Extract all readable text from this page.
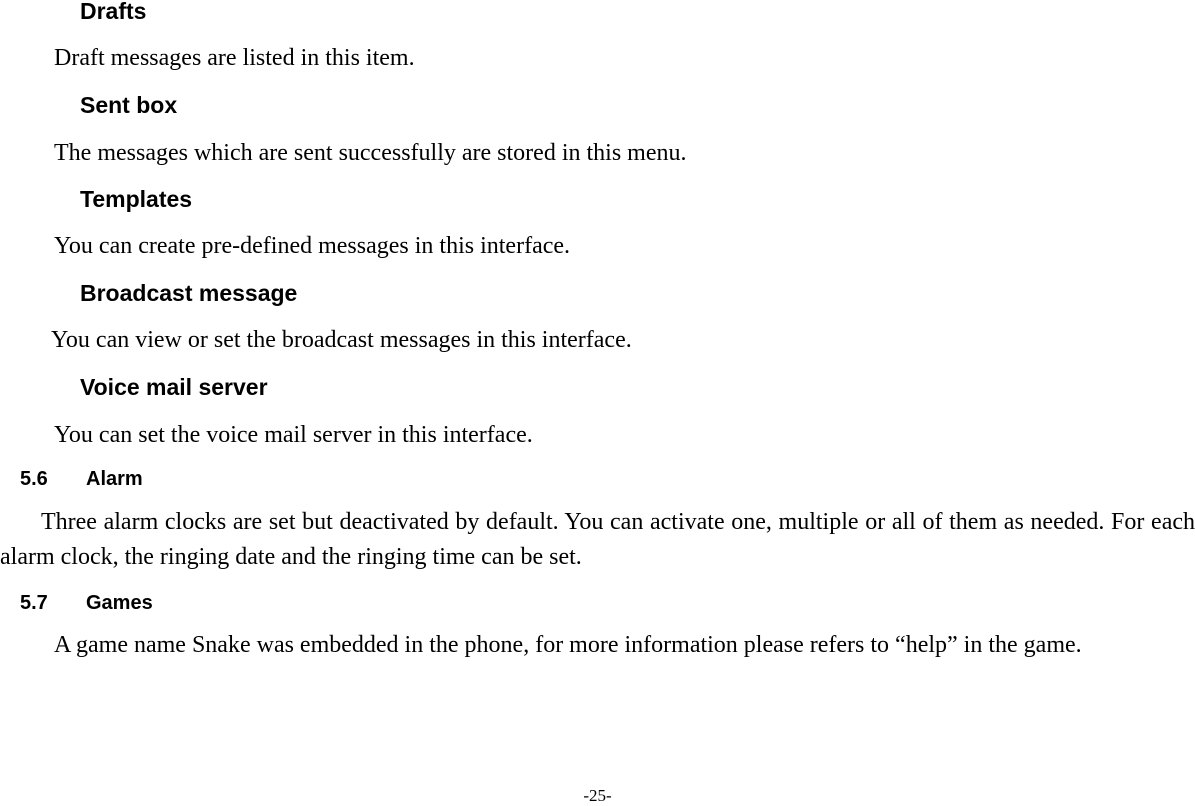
Drafts
Draft messages are listed in this item.
Sent box
The messages which are sent successfully are stored in this menu.
Templates
You can create pre-defined messages in this interface.
Broadcast message
You can view or set the broadcast messages in this interface.
Voice mail server
You can set the voice mail server in this interface.
5.6 Alarm
Three alarm clocks are set but deactivated by default. You can activate one, multiple or all of them as needed. For each alarm clock, the ringing date and the ringing time can be set.
5.7 Games
A game name Snake was embedded in the phone, for more information please refers to “help” in the game.
-25-
